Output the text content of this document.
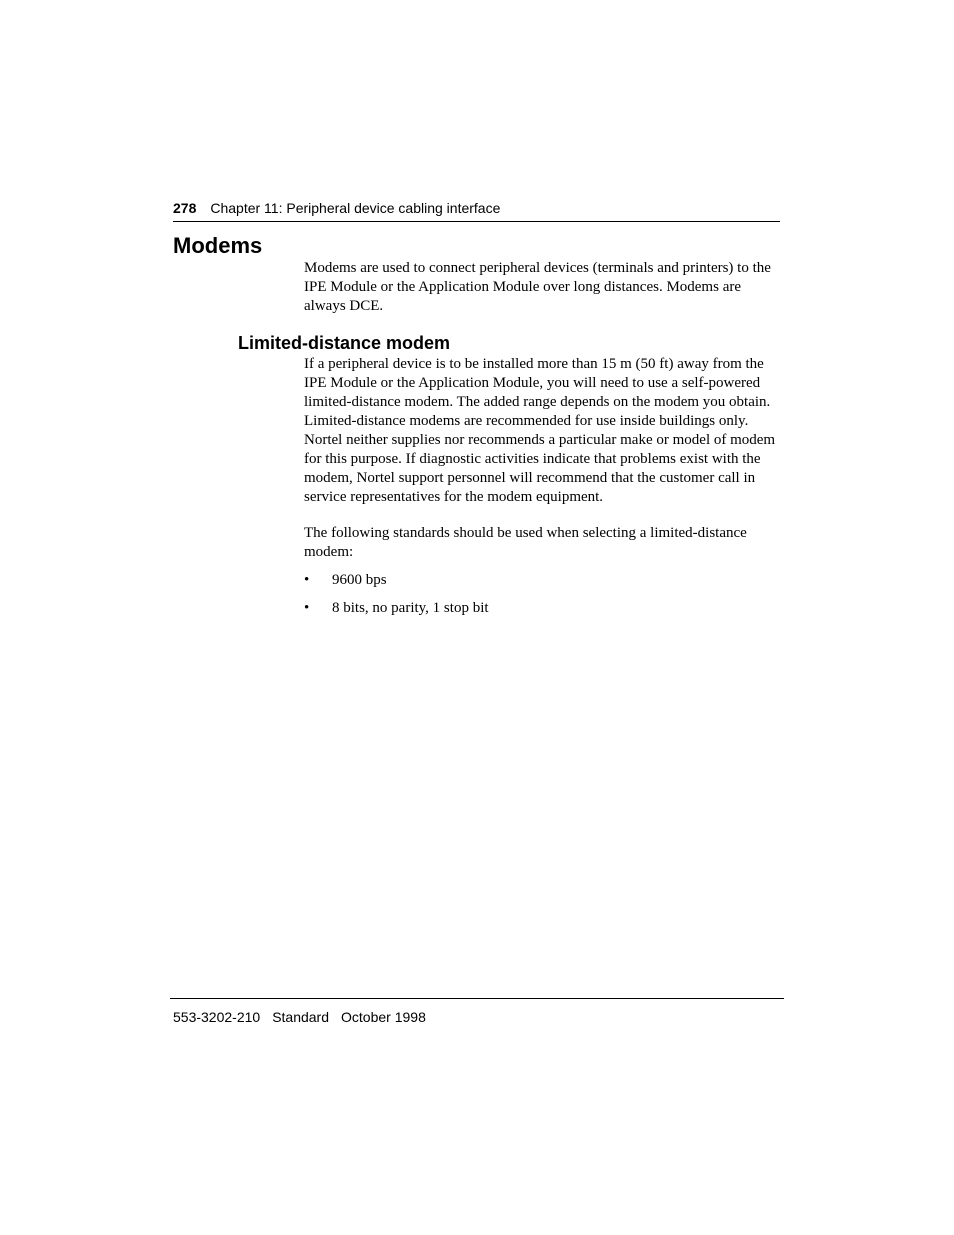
278 Chapter 11: Peripheral device cabling interface
Modems

Modems are used to connect peripheral devices (terminals and printers) to the IPE Module or the Application Module over long distances. Modems are always DCE.

Limited-distance modem

If a peripheral device is to be installed more than 15 m (50 ft) away from the IPE Module or the Application Module, you will need to use a self-powered limited-distance modem. The added range depends on the modem you obtain. Limited-distance modems are recommended for use inside buildings only. Nortel neither supplies nor recommends a particular make or model of modem for this purpose. If diagnostic activities indicate that problems exist with the modem, Nortel support personnel will recommend that the customer call in service representatives for the modem equipment.

The following standards should be used when selecting a limited-distance modem:

• 9600 bps
• 8 bits, no parity, 1 stop bit
553-3202-210 Standard October 1998
